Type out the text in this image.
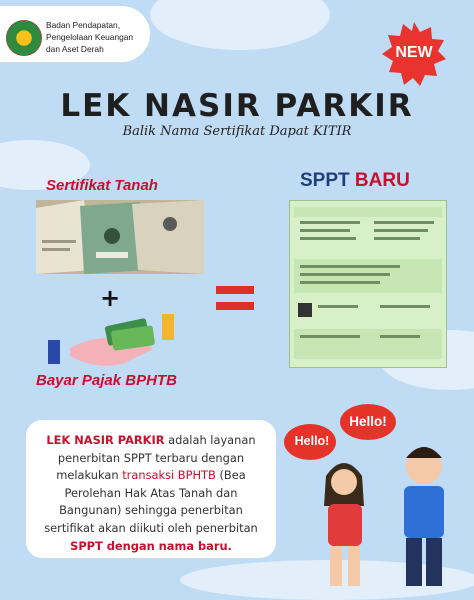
Badan Pendapatan,
Pengelolaan Keuangan
dan Aset Derah	NEW
LEK NASIR PARKIR
Balik Nama Sertifikat Dapat KITIR
Sertifikat Tanah	SPPT BARU
+
Bayar Pajak BPHTB
LEK NASIR PARKIR adalah layanan penerbitan SPPT terbaru dengan melakukan transaksi BPHTB (Bea Perolehan Hak Atas Tanah dan Bangunan) sehingga penerbitan sertifikat akan diikuti oleh penerbitan SPPT dengan nama baru.
Hello!
Hello!
